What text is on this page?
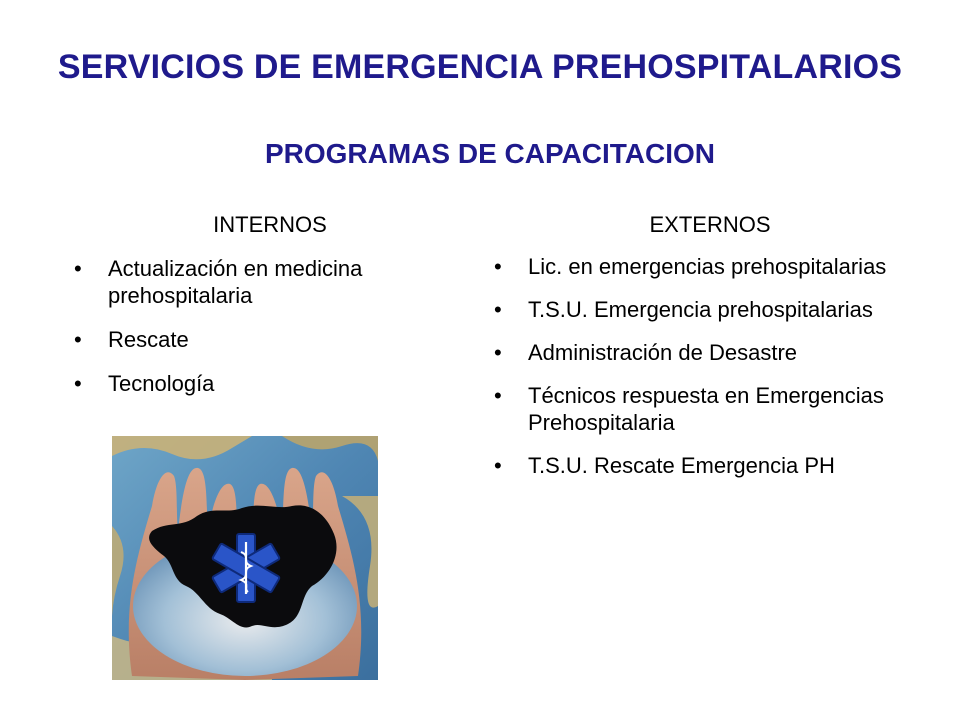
SERVICIOS DE EMERGENCIA PREHOSPITALARIOS
PROGRAMAS DE CAPACITACION
INTERNOS
• Actualización en medicina prehospitalaria
• Rescate
• Tecnología
EXTERNOS
• Lic. en emergencias prehospitalarias
• T.S.U. Emergencia prehospitalarias
• Administración de Desastre
• Técnicos respuesta en Emergencias Prehospitalaria
• T.S.U. Rescate Emergencia PH
